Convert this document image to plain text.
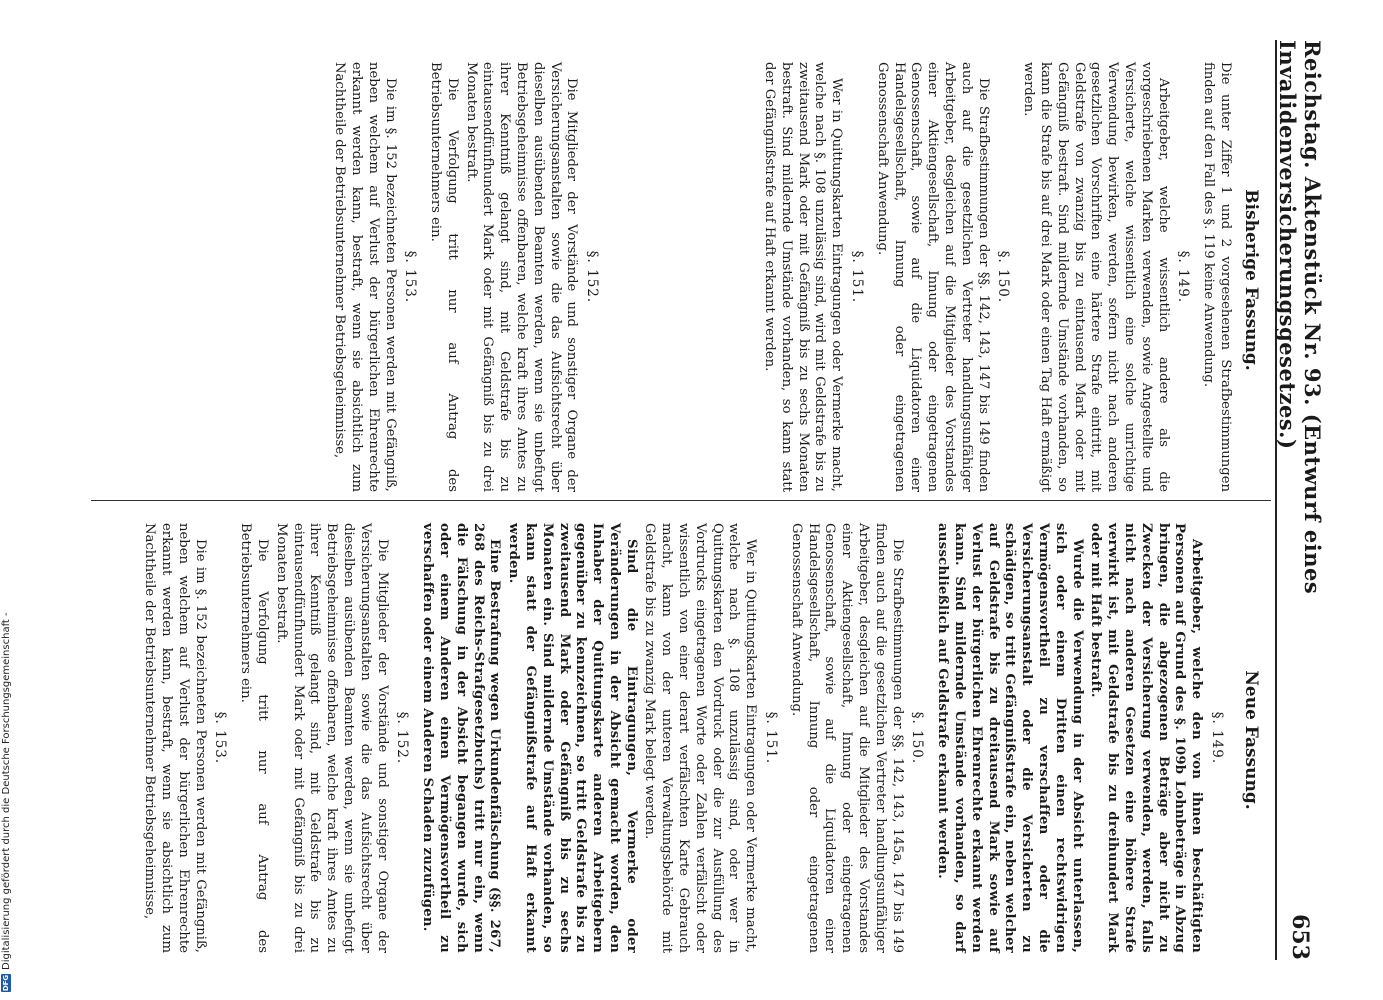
Reichstag. Aktenstück Nr. 93. (Entwurf eines Invalidenversicherungsgesetzes.)
653
Bisherige Fassung.
Neue Fassung.

Die unter Ziffer 1 und 2 vorgesehenen Strafbestimmungen finden auf den Fall des §. 119 keine Anwendung.

§. 149.

Arbeitgeber, welche wissentlich andere als die vorgeschriebenen Marken verwenden, sowie Angestellte und Versicherte, welche wissentlich eine solche unrichtige Verwendung bewirken, werden, sofern nicht nach anderen gesetzlichen Vorschriften eine härtere Strafe eintritt, mit Geldstrafe von zwanzig bis zu eintausend Mark oder mit Gefängniß bestraft. Sind mildernde Umstände vorhanden, so kann die Strafe bis auf drei Mark oder einen Tag Haft ermäßigt werden.

§. 150.

Die Strafbestimmungen der §§. 142, 143, 147 bis 149 finden auch auf die gesetzlichen Vertreter handlungsunfähiger Arbeitgeber, desgleichen auf die Mitglieder des Vorstandes einer Aktiengesellschaft, Innung oder eingetragenen Genossenschaft, sowie auf die Liquidatoren einer Handelsgesellschaft, Innung oder eingetragenen Genossenschaft Anwendung.

§. 151.

Wer in Quittungskarten Eintragungen oder Vermerke macht, welche nach §. 108 unzulässig sind, wird mit Geldstrafe bis zu zweitausend Mark oder mit Gefängniß bis zu sechs Monaten bestraft. Sind mildernde Umstände vorhanden, so kann statt der Gefängnißstrafe auf Haft erkannt werden.

§. 152.

Die Mitglieder der Vorstände und sonstiger Organe der Versicherungsanstalten sowie die das Aufsichtsrecht über dieselben ausübenden Beamten werden, wenn sie unbefugt Betriebsgeheimnisse offenbaren, welche kraft ihres Amtes zu ihrer Kenntniß gelangt sind, mit Geldstrafe bis zu eintausendfünfhundert Mark oder mit Gefängniß bis zu drei Monaten bestraft.

Die Verfolgung tritt nur auf Antrag des Betriebsunternehmers ein.

§. 153.

Die im §. 152 bezeichneten Personen werden mit Gefängniß, neben welchem auf Verlust der bürgerlichen Ehrenrechte erkannt werden kann, bestraft, wenn sie absichtlich zum Nachtheile der Betriebsunternehmer Betriebsgeheimnisse,

§. 149.

Arbeitgeber, welche den von ihnen beschäftigten Personen auf Grund des §. 109b Lohnbeträge in Abzug bringen, die abgezogenen Beträge aber nicht zu Zwecken der Versicherung verwenden, werden, falls nicht nach anderen Gesetzen eine höhere Strafe verwirkt ist, mit Geldstrafe bis zu dreihundert Mark oder mit Haft bestraft.

Wurde die Verwendung in der Absicht unterlassen, sich oder einem Dritten einen rechtswidrigen Vermögensvortheil zu verschaffen oder die Versicherungsanstalt oder die Versicherten zu schädigen, so tritt Gefängnißstrafe ein, neben welcher auf Geldstrafe bis zu dreitausend Mark sowie auf Verlust der bürgerlichen Ehrenrechte erkannt werden kann. Sind mildernde Umstände vorhanden, so darf ausschließlich auf Geldstrafe erkannt werden.

§. 150.

Die Strafbestimmungen der §§. 142, 143, 145a, 147 bis 149 finden auch auf die gesetzlichen Vertreter handlungsunfähiger Arbeitgeber, desgleichen auf die Mitglieder des Vorstandes einer Aktiengesellschaft, Innung oder eingetragenen Genossenschaft, sowie auf die Liquidatoren einer Handelsgesellschaft, Innung oder eingetragenen Genossenschaft Anwendung.

§. 151.

Wer in Quittungskarten Eintragungen oder Vermerke macht, welche nach §. 108 unzulässig sind, oder wer in Quittungskarten den Vordruck oder die zur Ausfüllung des Vordrucks eingetragenen Worte oder Zahlen verfälscht oder wissentlich von einer derart verfälschten Karte Gebrauch macht, kann von der unteren Verwaltungsbehörde mit Geldstrafe bis zu zwanzig Mark belegt werden.

Sind die Eintragungen, Vermerke oder Veränderungen in der Absicht gemacht worden, den Inhaber der Quittungskarte anderen Arbeitgebern gegenüber zu kennzeichnen, so tritt Geldstrafe bis zu zweitausend Mark oder Gefängniß bis zu sechs Monaten ein. Sind mildernde Umstände vorhanden, so kann statt der Gefängnißstrafe auf Haft erkannt werden.

Eine Bestrafung wegen Urkundenfälschung (§§. 267, 268 des Reichs-Strafgesetzbuchs) tritt nur ein, wenn die Fälschung in der Absicht begangen wurde, sich oder einem Anderen einen Vermögensvortheil zu verschaffen oder einem Anderen Schaden zuzufügen.

§. 152.

Die Mitglieder der Vorstände und sonstiger Organe der Versicherungsanstalten sowie die das Aufsichtsrecht über dieselben ausübenden Beamten werden, wenn sie unbefugt Betriebsgeheimnisse offenbaren, welche kraft ihres Amtes zu ihrer Kenntniß gelangt sind, mit Geldstrafe bis zu eintausendfünfhundert Mark oder mit Gefängniß bis zu drei Monaten bestraft.

Die Verfolgung tritt nur auf Antrag des Betriebsunternehmers ein.

§. 153.

Die im §. 152 bezeichneten Personen werden mit Gefängniß, neben welchem auf Verlust der bürgerlichen Ehrenrechte erkannt werden kann, bestraft, wenn sie absichtlich zum Nachtheile der Betriebsunternehmer Betriebsgeheimnisse,

DFG
Digitalisierung gefördert durch die Deutsche Forschungsgemeinschaft -
